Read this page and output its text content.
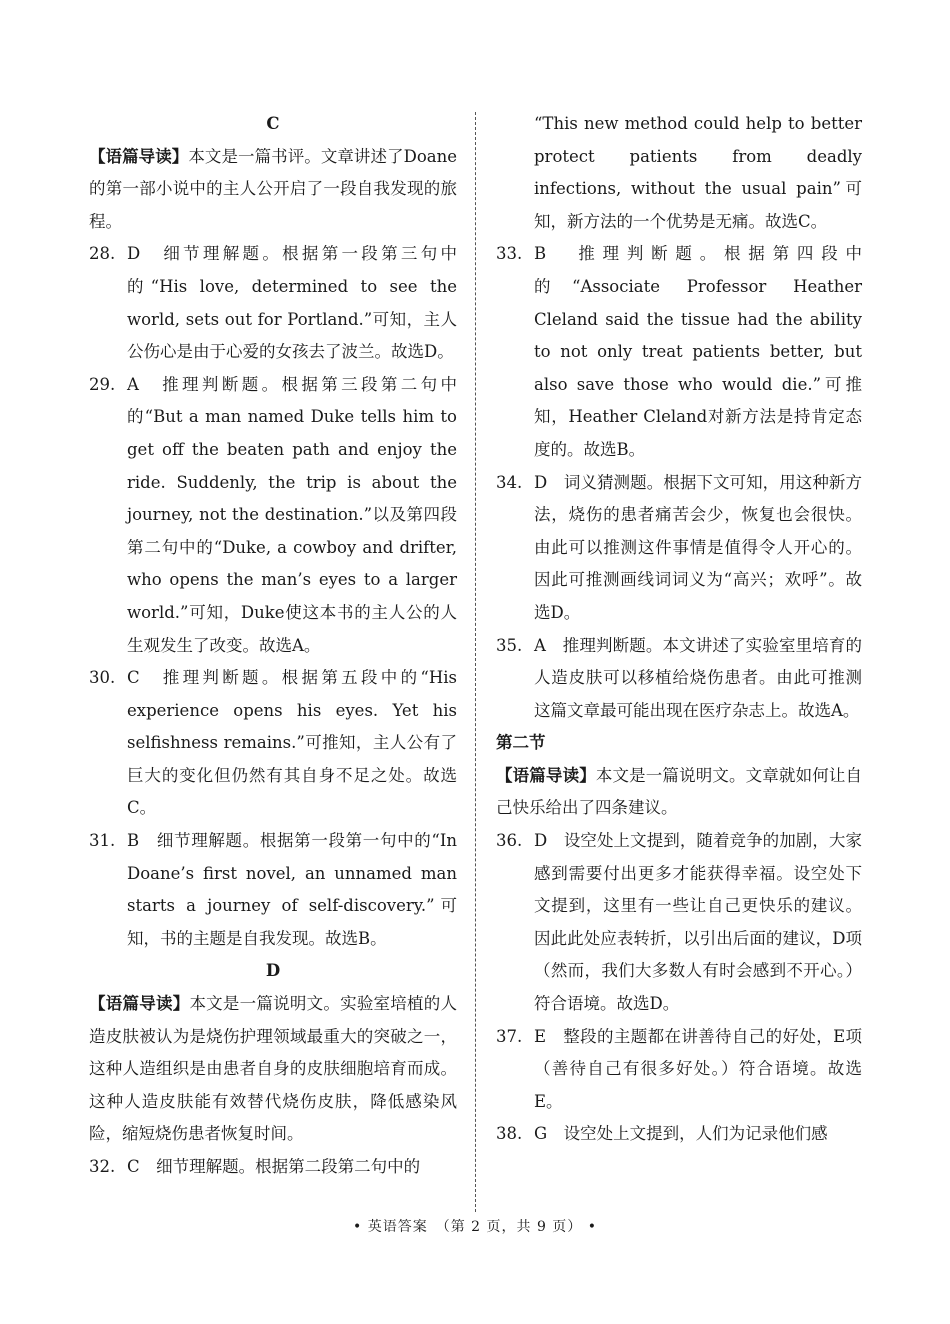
C
【语篇导读】本文是一篇书评。文章讲述了Doane的第一部小说中的主人公开启了一段自我发现的旅程。
28. D　细节理解题。根据第一段第三句中的“His love, determined to see the world, sets out for Portland.”可知，主人公伤心是由于心爱的女孩去了波兰。故选D。
29. A　推理判断题。根据第三段第二句中的“But a man named Duke tells him to get off the beaten path and enjoy the ride. Suddenly, the trip is about the journey, not the destination.”以及第四段第二句中的“Duke, a cowboy and drifter, who opens the man’s eyes to a larger world.”可知，Duke使这本书的主人公的人生观发生了改变。故选A。
30. C　推理判断题。根据第五段中的“His experience opens his eyes. Yet his selfishness remains.”可推知，主人公有了巨大的变化但仍然有其自身不足之处。故选C。
31. B　细节理解题。根据第一段第一句中的“In Doane’s first novel, an unnamed man starts a journey of self-discovery.”可知，书的主题是自我发现。故选B。
D
【语篇导读】本文是一篇说明文。实验室培植的人造皮肤被认为是烧伤护理领域最重大的突破之一，这种人造组织是由患者自身的皮肤细胞培育而成。这种人造皮肤能有效替代烧伤皮肤，降低感染风险，缩短烧伤患者恢复时间。
32. C　细节理解题。根据第二段第二句中的
“This new method could help to better protect patients from deadly infections, without the usual pain”可知，新方法的一个优势是无痛。故选C。
33. B　推理判断题。根据第四段中的“Associate Professor Heather Cleland said the tissue had the ability to not only treat patients better, but also save those who would die.”可推知，Heather Cleland对新方法是持肯定态度的。故选B。
34. D　词义猜测题。根据下文可知，用这种新方法，烧伤的患者痛苦会少，恢复也会很快。由此可以推测这件事情是值得令人开心的。因此可推测画线词词义为“高兴；欢呼”。故选D。
35. A　推理判断题。本文讲述了实验室里培育的人造皮肤可以移植给烧伤患者。由此可推测这篇文章最可能出现在医疗杂志上。故选A。
第二节
【语篇导读】本文是一篇说明文。文章就如何让自己快乐给出了四条建议。
36. D　设空处上文提到，随着竞争的加剧，大家感到需要付出更多才能获得幸福。设空处下文提到，这里有一些让自己更快乐的建议。因此此处应表转折，以引出后面的建议，D项（然而，我们大多数人有时会感到不开心。）符合语境。故选D。
37. E　整段的主题都在讲善待自己的好处，E项（善待自己有很多好处。）符合语境。故选E。
38. G　设空处上文提到，人们为记录他们感
• 英语答案　（第 2 页，共 9 页） •
